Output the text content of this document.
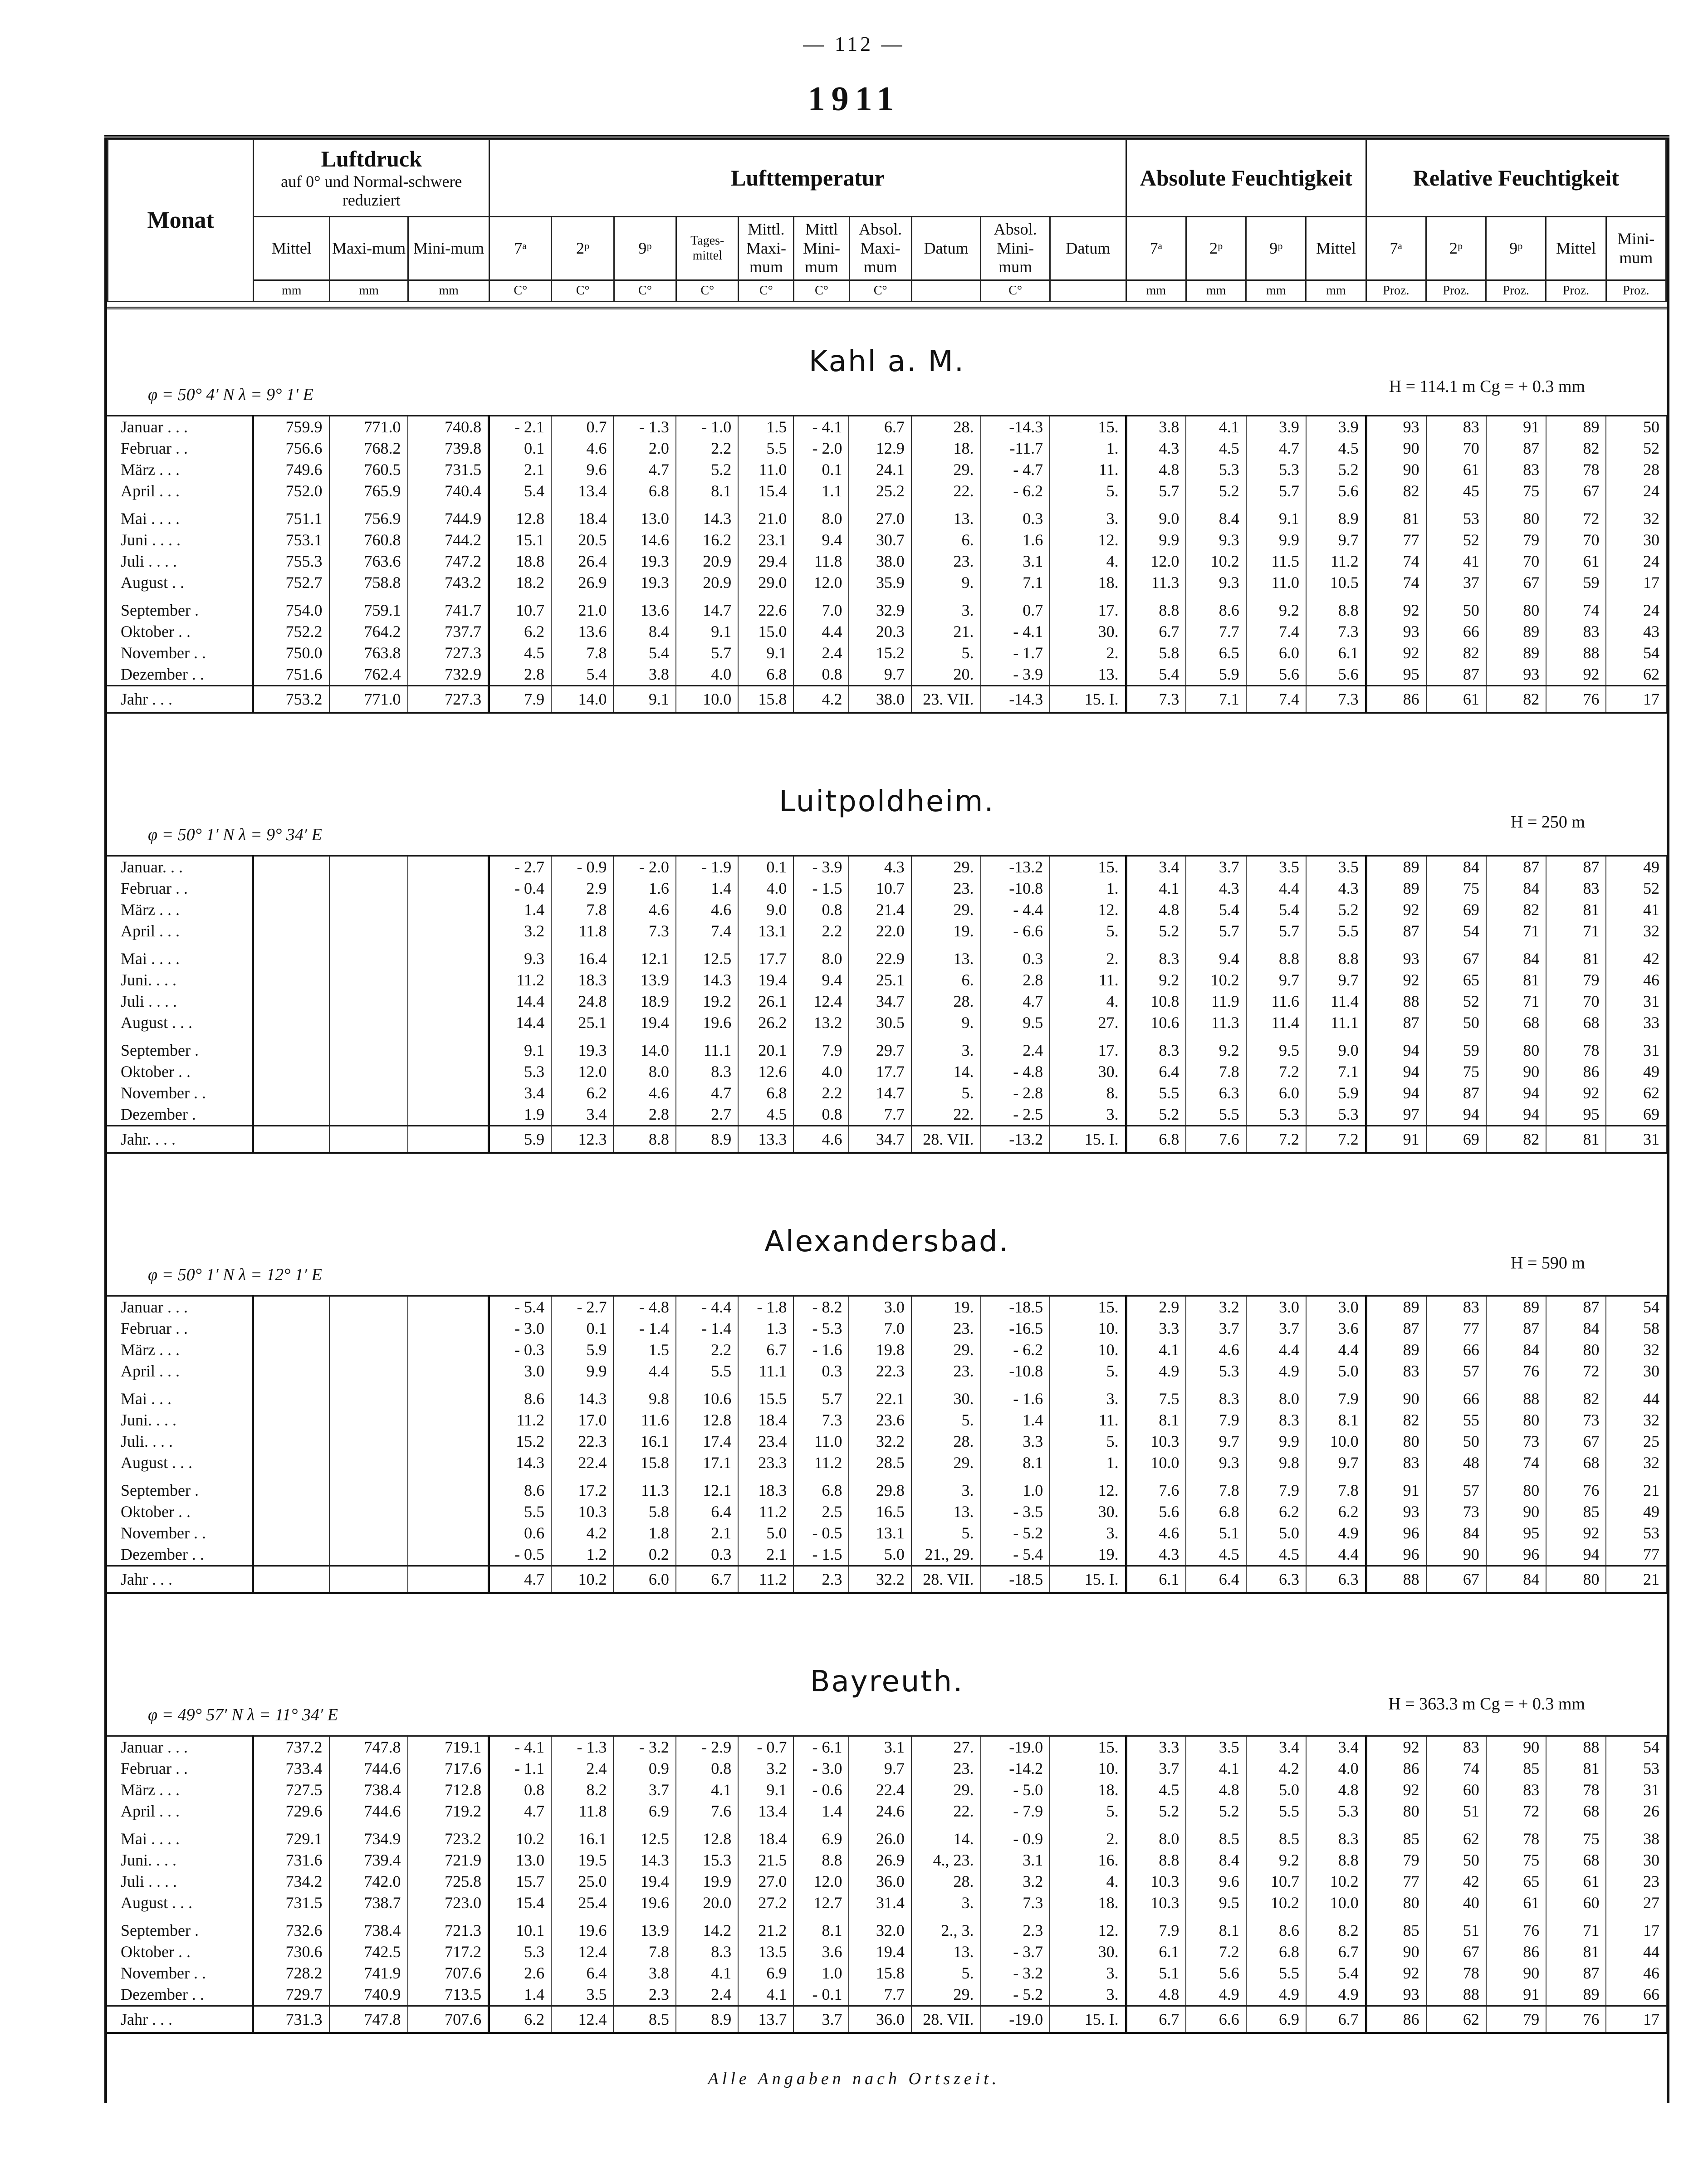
— 112 —
1911
Monat	Luftdruck
auf 0° und Normal-schwere reduziert			Lufttemperatur										Absolute Feuchtigkeit				Relative Feuchtigkeit				
	Mittel	Maxi-mum	Mini-mum	7ᵃ	2ᵖ	9ᵖ	Tages-mittel	Mittl. Maxi-mum	Mittl Mini-mum	Absol. Maxi-mum	Datum	Absol. Mini-mum	Datum	7ᵃ	2ᵖ	9ᵖ	Mittel	7ᵃ	2ᵖ	9ᵖ	Mittel	Mini-mum
	mm	mm	mm	C°	C°	C°	C°	C°	C°	C°		C°		mm	mm	mm	mm	Proz.	Proz.	Proz.	Proz.	Proz.
Kahl a. M.
φ = 50° 4′ N λ = 9° 1′ E	H = 114.1 m Cg = + 0.3 mm
Januar . . .	759.9	771.0	740.8	- 2.1	0.7	- 1.3	- 1.0	1.5	- 4.1	6.7	28.	-14.3	15.	3.8	4.1	3.9	3.9	93	83	91	89	50
Februar . .	756.6	768.2	739.8	0.1	4.6	2.0	2.2	5.5	- 2.0	12.9	18.	-11.7	1.	4.3	4.5	4.7	4.5	90	70	87	82	52
März . . .	749.6	760.5	731.5	2.1	9.6	4.7	5.2	11.0	0.1	24.1	29.	- 4.7	11.	4.8	5.3	5.3	5.2	90	61	83	78	28
April . . .	752.0	765.9	740.4	5.4	13.4	6.8	8.1	15.4	1.1	25.2	22.	- 6.2	5.	5.7	5.2	5.7	5.6	82	45	75	67	24
Mai . . . .	751.1	756.9	744.9	12.8	18.4	13.0	14.3	21.0	8.0	27.0	13.	0.3	3.	9.0	8.4	9.1	8.9	81	53	80	72	32
Juni . . . .	753.1	760.8	744.2	15.1	20.5	14.6	16.2	23.1	9.4	30.7	6.	1.6	12.	9.9	9.3	9.9	9.7	77	52	79	70	30
Juli . . . .	755.3	763.6	747.2	18.8	26.4	19.3	20.9	29.4	11.8	38.0	23.	3.1	4.	12.0	10.2	11.5	11.2	74	41	70	61	24
August . .	752.7	758.8	743.2	18.2	26.9	19.3	20.9	29.0	12.0	35.9	9.	7.1	18.	11.3	9.3	11.0	10.5	74	37	67	59	17
September .	754.0	759.1	741.7	10.7	21.0	13.6	14.7	22.6	7.0	32.9	3.	0.7	17.	8.8	8.6	9.2	8.8	92	50	80	74	24
Oktober . .	752.2	764.2	737.7	6.2	13.6	8.4	9.1	15.0	4.4	20.3	21.	- 4.1	30.	6.7	7.7	7.4	7.3	93	66	89	83	43
November . .	750.0	763.8	727.3	4.5	7.8	5.4	5.7	9.1	2.4	15.2	5.	- 1.7	2.	5.8	6.5	6.0	6.1	92	82	89	88	54
Dezember . .	751.6	762.4	732.9	2.8	5.4	3.8	4.0	6.8	0.8	9.7	20.	- 3.9	13.	5.4	5.9	5.6	5.6	95	87	93	92	62
Jahr . . .	753.2	771.0	727.3	7.9	14.0	9.1	10.0	15.8	4.2	38.0	23. VII.	-14.3	15. I.	7.3	7.1	7.4	7.3	86	61	82	76	17
Luitpoldheim.
φ = 50° 1′ N λ = 9° 34′ E
H = 250 m
Januar. . .				- 2.7	- 0.9	- 2.0	- 1.9	0.1	- 3.9	4.3	29.	-13.2	15.	3.4	3.7	3.5	3.5	89	84	87	87	49
Februar . .				- 0.4	2.9	1.6	1.4	4.0	- 1.5	10.7	23.	-10.8	1.	4.1	4.3	4.4	4.3	89	75	84	83	52
März . . .				1.4	7.8	4.6	4.6	9.0	0.8	21.4	29.	- 4.4	12.	4.8	5.4	5.4	5.2	92	69	82	81	41
April . . .				3.2	11.8	7.3	7.4	13.1	2.2	22.0	19.	- 6.6	5.	5.2	5.7	5.7	5.5	87	54	71	71	32
Mai . . . .				9.3	16.4	12.1	12.5	17.7	8.0	22.9	13.	0.3	2.	8.3	9.4	8.8	8.8	93	67	84	81	42
Juni. . . .				11.2	18.3	13.9	14.3	19.4	9.4	25.1	6.	2.8	11.	9.2	10.2	9.7	9.7	92	65	81	79	46
Juli . . . .				14.4	24.8	18.9	19.2	26.1	12.4	34.7	28.	4.7	4.	10.8	11.9	11.6	11.4	88	52	71	70	31
August . . .				14.4	25.1	19.4	19.6	26.2	13.2	30.5	9.	9.5	27.	10.6	11.3	11.4	11.1	87	50	68	68	33
September .				9.1	19.3	14.0	11.1	20.1	7.9	29.7	3.	2.4	17.	8.3	9.2	9.5	9.0	94	59	80	78	31
Oktober . .				5.3	12.0	8.0	8.3	12.6	4.0	17.7	14.	- 4.8	30.	6.4	7.8	7.2	7.1	94	75	90	86	49
November . .				3.4	6.2	4.6	4.7	6.8	2.2	14.7	5.	- 2.8	8.	5.5	6.3	6.0	5.9	94	87	94	92	62
Dezember .				1.9	3.4	2.8	2.7	4.5	0.8	7.7	22.	- 2.5	3.	5.2	5.5	5.3	5.3	97	94	94	95	69
Jahr. . . .				5.9	12.3	8.8	8.9	13.3	4.6	34.7	28. VII.	-13.2	15. I.	6.8	7.6	7.2	7.2	91	69	82	81	31
Alexandersbad.
φ = 50° 1′ N λ = 12° 1′ E
H = 590 m
Januar . . .				- 5.4	- 2.7	- 4.8	- 4.4	- 1.8	- 8.2	3.0	19.	-18.5	15.	2.9	3.2	3.0	3.0	89	83	89	87	54
Februar . .				- 3.0	0.1	- 1.4	- 1.4	1.3	- 5.3	7.0	23.	-16.5	10.	3.3	3.7	3.7	3.6	87	77	87	84	58
März . . .				- 0.3	5.9	1.5	2.2	6.7	- 1.6	19.8	29.	- 6.2	10.	4.1	4.6	4.4	4.4	89	66	84	80	32
April . . .				3.0	9.9	4.4	5.5	11.1	0.3	22.3	23.	-10.8	5.	4.9	5.3	4.9	5.0	83	57	76	72	30
Mai . . .				8.6	14.3	9.8	10.6	15.5	5.7	22.1	30.	- 1.6	3.	7.5	8.3	8.0	7.9	90	66	88	82	44
Juni. . . .				11.2	17.0	11.6	12.8	18.4	7.3	23.6	5.	1.4	11.	8.1	7.9	8.3	8.1	82	55	80	73	32
Juli. . . .				15.2	22.3	16.1	17.4	23.4	11.0	32.2	28.	3.3	5.	10.3	9.7	9.9	10.0	80	50	73	67	25
August . . .				14.3	22.4	15.8	17.1	23.3	11.2	28.5	29.	8.1	1.	10.0	9.3	9.8	9.7	83	48	74	68	32
September .				8.6	17.2	11.3	12.1	18.3	6.8	29.8	3.	1.0	12.	7.6	7.8	7.9	7.8	91	57	80	76	21
Oktober . .				5.5	10.3	5.8	6.4	11.2	2.5	16.5	13.	- 3.5	30.	5.6	6.8	6.2	6.2	93	73	90	85	49
November . .				0.6	4.2	1.8	2.1	5.0	- 0.5	13.1	5.	- 5.2	3.	4.6	5.1	5.0	4.9	96	84	95	92	53
Dezember . .				- 0.5	1.2	0.2	0.3	2.1	- 1.5	5.0	21., 29.	- 5.4	19.	4.3	4.5	4.5	4.4	96	90	96	94	77
Jahr . . .				4.7	10.2	6.0	6.7	11.2	2.3	32.2	28. VII.	-18.5	15. I.	6.1	6.4	6.3	6.3	88	67	84	80	21
Bayreuth.
φ = 49° 57′ N λ = 11° 34′ E
H = 363.3 m Cg = + 0.3 mm
Januar . . .	737.2	747.8	719.1	- 4.1	- 1.3	- 3.2	- 2.9	- 0.7	- 6.1	3.1	27.	-19.0	15.	3.3	3.5	3.4	3.4	92	83	90	88	54
Februar . .	733.4	744.6	717.6	- 1.1	2.4	0.9	0.8	3.2	- 3.0	9.7	23.	-14.2	10.	3.7	4.1	4.2	4.0	86	74	85	81	53
März . . .	727.5	738.4	712.8	0.8	8.2	3.7	4.1	9.1	- 0.6	22.4	29.	- 5.0	18.	4.5	4.8	5.0	4.8	92	60	83	78	31
April . . .	729.6	744.6	719.2	4.7	11.8	6.9	7.6	13.4	1.4	24.6	22.	- 7.9	5.	5.2	5.2	5.5	5.3	80	51	72	68	26
Mai . . . .	729.1	734.9	723.2	10.2	16.1	12.5	12.8	18.4	6.9	26.0	14.	- 0.9	2.	8.0	8.5	8.5	8.3	85	62	78	75	38
Juni. . . .	731.6	739.4	721.9	13.0	19.5	14.3	15.3	21.5	8.8	26.9	4., 23.	3.1	16.	8.8	8.4	9.2	8.8	79	50	75	68	30
Juli . . . .	734.2	742.0	725.8	15.7	25.0	19.4	19.9	27.0	12.0	36.0	28.	3.2	4.	10.3	9.6	10.7	10.2	77	42	65	61	23
August . . .	731.5	738.7	723.0	15.4	25.4	19.6	20.0	27.2	12.7	31.4	3.	7.3	18.	10.3	9.5	10.2	10.0	80	40	61	60	27
September .	732.6	738.4	721.3	10.1	19.6	13.9	14.2	21.2	8.1	32.0	2., 3.	2.3	12.	7.9	8.1	8.6	8.2	85	51	76	71	17
Oktober . .	730.6	742.5	717.2	5.3	12.4	7.8	8.3	13.5	3.6	19.4	13.	- 3.7	30.	6.1	7.2	6.8	6.7	90	67	86	81	44
November . .	728.2	741.9	707.6	2.6	6.4	3.8	4.1	6.9	1.0	15.8	5.	- 3.2	3.	5.1	5.6	5.5	5.4	92	78	90	87	46
Dezember . .	729.7	740.9	713.5	1.4	3.5	2.3	2.4	4.1	- 0.1	7.7	29.	- 5.2	3.	4.8	4.9	4.9	4.9	93	88	91	89	66
Jahr . . .	731.3	747.8	707.6	6.2	12.4	8.5	8.9	13.7	3.7	36.0	28. VII.	-19.0	15. I.	6.7	6.6	6.9	6.7	86	62	79	76	17
Alle Angaben nach Ortszeit.
